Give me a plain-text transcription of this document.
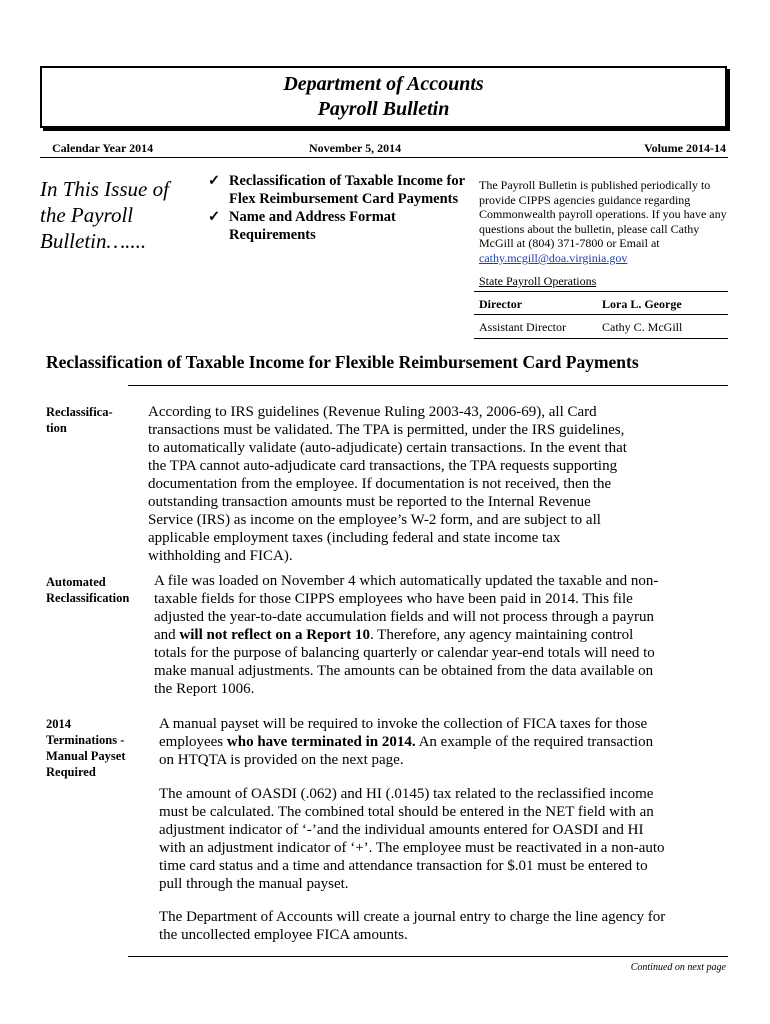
Department of Accounts
Payroll Bulletin
Calendar Year 2014	November 5, 2014	Volume 2014-14
In This Issue of
the Payroll
Bulletin…....
✓ Reclassification of Taxable Income for Flex Reimbursement Card Payments
✓ Name and Address Format Requirements
The Payroll Bulletin is published periodically to provide CIPPS agencies guidance regarding Commonwealth payroll operations. If you have any questions about the bulletin, please call Cathy McGill at (804) 371-7800 or Email at cathy.mcgill@doa.virginia.gov
State Payroll Operations
Director	Lora L. George
Assistant Director	Cathy C. McGill
Reclassification of Taxable Income for Flexible Reimbursement Card Payments
Reclassifica-
tion
According to IRS guidelines (Revenue Ruling 2003-43, 2006-69), all Card transactions must be validated. The TPA is permitted, under the IRS guidelines, to automatically validate (auto-adjudicate) certain transactions. In the event that the TPA cannot auto-adjudicate card transactions, the TPA requests supporting documentation from the employee. If documentation is not received, then the outstanding transaction amounts must be reported to the Internal Revenue Service (IRS) as income on the employee’s W-2 form, and are subject to all applicable employment taxes (including federal and state income tax withholding and FICA).
Automated
Reclassification
A file was loaded on November 4 which automatically updated the taxable and non-taxable fields for those CIPPS employees who have been paid in 2014. This file adjusted the year-to-date accumulation fields and will not process through a payrun and will not reflect on a Report 10. Therefore, any agency maintaining control totals for the purpose of balancing quarterly or calendar year-end totals will need to make manual adjustments. The amounts can be obtained from the data available on the Report 1006.
2014
Terminations -
Manual Payset
Required
A manual payset will be required to invoke the collection of FICA taxes for those employees who have terminated in 2014. An example of the required transaction on HTQTA is provided on the next page.
The amount of OASDI (.062) and HI (.0145) tax related to the reclassified income must be calculated. The combined total should be entered in the NET field with an adjustment indicator of ‘-’and the individual amounts entered for OASDI and HI with an adjustment indicator of ‘+’. The employee must be reactivated in a non-auto time card status and a time and attendance transaction for $.01 must be entered to pull through the manual payset.
The Department of Accounts will create a journal entry to charge the line agency for the uncollected employee FICA amounts.
Continued on next page
